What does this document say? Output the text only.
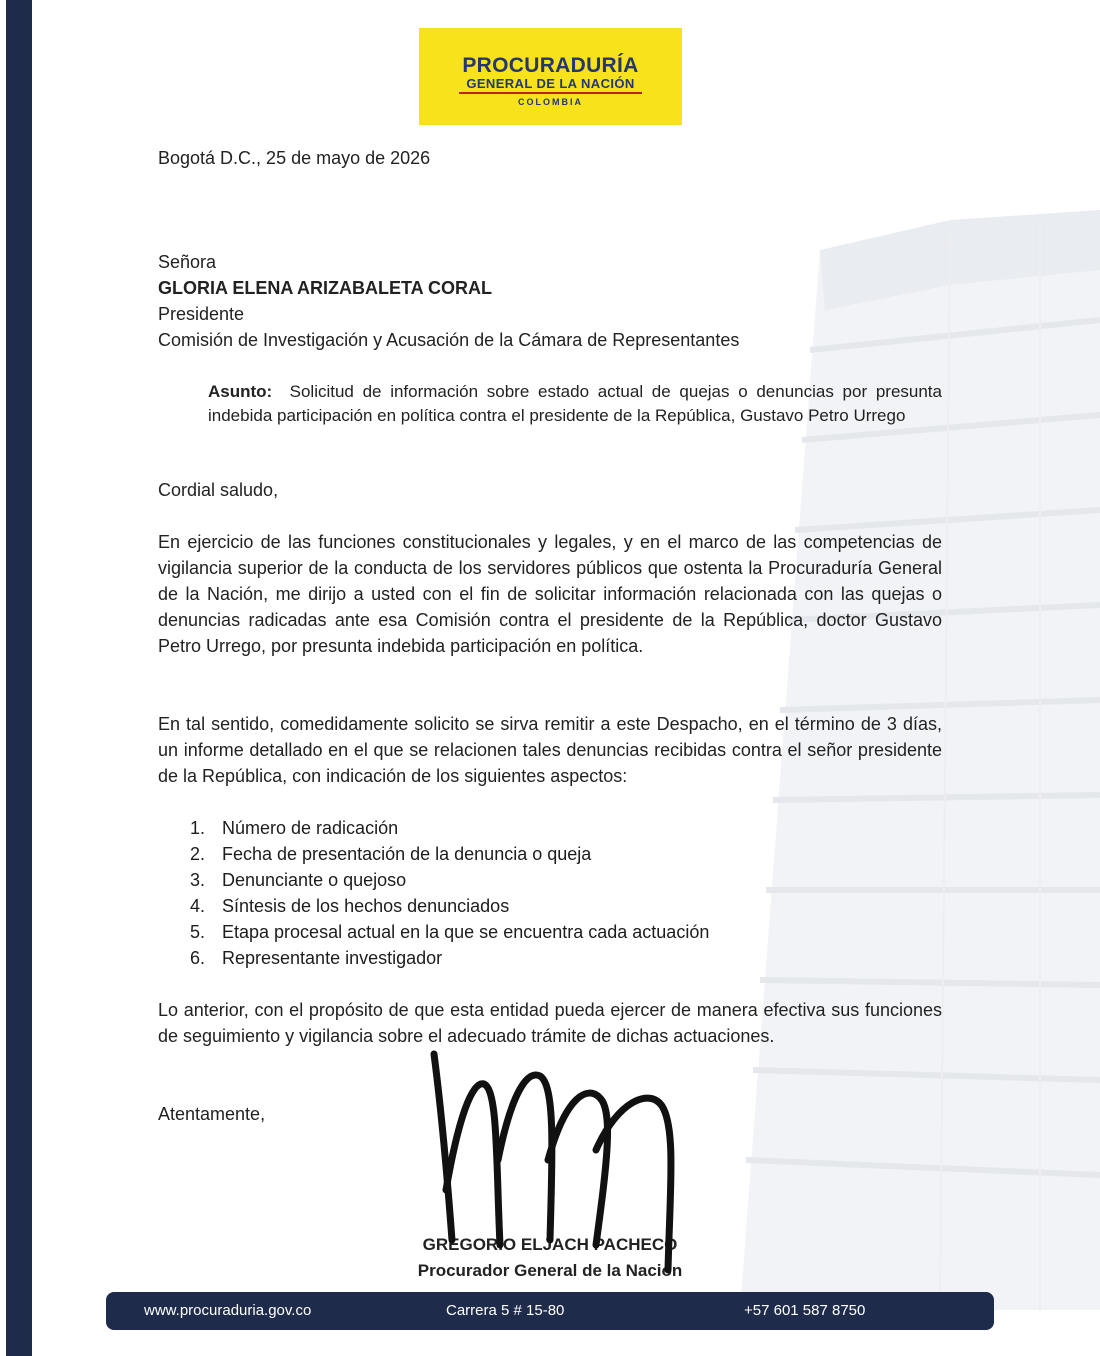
PROCURADURÍA
GENERAL DE LA NACIÓN
COLOMBIA
Bogotá D.C., 25 de mayo de 2026
Señora
GLORIA ELENA ARIZABALETA CORAL
Presidente
Comisión de Investigación y Acusación de la Cámara de Representantes
Asunto: Solicitud de información sobre estado actual de quejas o denuncias por presunta indebida participación en política contra el presidente de la República, Gustavo Petro Urrego
Cordial saludo,
En ejercicio de las funciones constitucionales y legales, y en el marco de las competencias de vigilancia superior de la conducta de los servidores públicos que ostenta la Procuraduría General de la Nación, me dirijo a usted con el fin de solicitar información relacionada con las quejas o denuncias radicadas ante esa Comisión contra el presidente de la República, doctor Gustavo Petro Urrego, por presunta indebida participación en política.
En tal sentido, comedidamente solicito se sirva remitir a este Despacho, en el término de 3 días, un informe detallado en el que se relacionen tales denuncias recibidas contra el señor presidente de la República, con indicación de los siguientes aspectos:
1. Número de radicación
2. Fecha de presentación de la denuncia o queja
3. Denunciante o quejoso
4. Síntesis de los hechos denunciados
5. Etapa procesal actual en la que se encuentra cada actuación
6. Representante investigador
Lo anterior, con el propósito de que esta entidad pueda ejercer de manera efectiva sus funciones de seguimiento y vigilancia sobre el adecuado trámite de dichas actuaciones.
Atentamente,
GREGORIO ELJACH PACHECO
Procurador General de la Nación
www.procuraduria.gov.co	Carrera 5 # 15-80	+57 601 587 8750
